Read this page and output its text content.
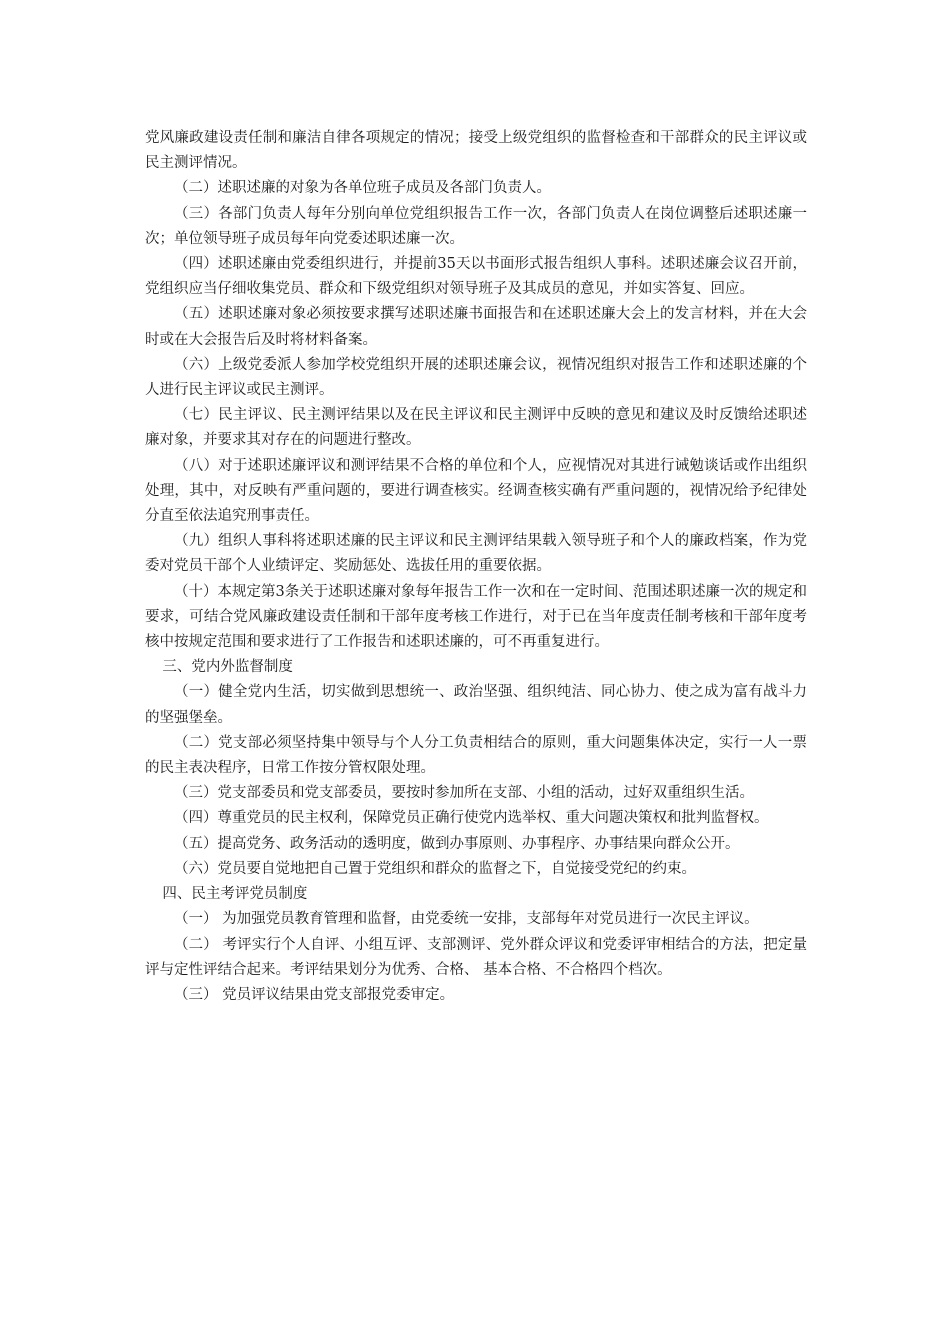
党风廉政建设责任制和廉洁自律各项规定的情况；接受上级党组织的监督检查和干部群众的民主评议或民主测评情况。

（二）述职述廉的对象为各单位班子成员及各部门负责人。

（三）各部门负责人每年分别向单位党组织报告工作一次，各部门负责人在岗位调整后述职述廉一次；单位领导班子成员每年向党委述职述廉一次。

（四）述职述廉由党委组织进行，并提前35天以书面形式报告组织人事科。述职述廉会议召开前，党组织应当仔细收集党员、群众和下级党组织对领导班子及其成员的意见，并如实答复、回应。

（五）述职述廉对象必须按要求撰写述职述廉书面报告和在述职述廉大会上的发言材料，并在大会时或在大会报告后及时将材料备案。

（六）上级党委派人参加学校党组织开展的述职述廉会议，视情况组织对报告工作和述职述廉的个人进行民主评议或民主测评。

（七）民主评议、民主测评结果以及在民主评议和民主测评中反映的意见和建议及时反馈给述职述廉对象，并要求其对存在的问题进行整改。

（八）对于述职述廉评议和测评结果不合格的单位和个人，应视情况对其进行诫勉谈话或作出组织处理，其中，对反映有严重问题的，要进行调查核实。经调查核实确有严重问题的，视情况给予纪律处分直至依法追究刑事责任。

（九）组织人事科将述职述廉的民主评议和民主测评结果载入领导班子和个人的廉政档案，作为党委对党员干部个人业绩评定、奖励惩处、选拔任用的重要依据。

（十）本规定第3条关于述职述廉对象每年报告工作一次和在一定时间、范围述职述廉一次的规定和要求，可结合党风廉政建设责任制和干部年度考核工作进行，对于已在当年度责任制考核和干部年度考核中按规定范围和要求进行了工作报告和述职述廉的，可不再重复进行。

三、党内外监督制度

（一）健全党内生活，切实做到思想统一、政治坚强、组织纯洁、同心协力、使之成为富有战斗力的坚强堡垒。

（二）党支部必须坚持集中领导与个人分工负责相结合的原则，重大问题集体决定，实行一人一票的民主表决程序，日常工作按分管权限处理。

（三）党支部委员和党支部委员，要按时参加所在支部、小组的活动，过好双重组织生活。

（四）尊重党员的民主权利，保障党员正确行使党内选举权、重大问题决策权和批判监督权。

（五）提高党务、政务活动的透明度，做到办事原则、办事程序、办事结果向群众公开。

（六）党员要自觉地把自己置于党组织和群众的监督之下，自觉接受党纪的约束。

四、民主考评党员制度

（一） 为加强党员教育管理和监督，由党委统一安排，支部每年对党员进行一次民主评议。

（二） 考评实行个人自评、小组互评、支部测评、党外群众评议和党委评审相结合的方法，把定量评与定性评结合起来。考评结果划分为优秀、合格、 基本合格、不合格四个档次。

（三） 党员评议结果由党支部报党委审定。
